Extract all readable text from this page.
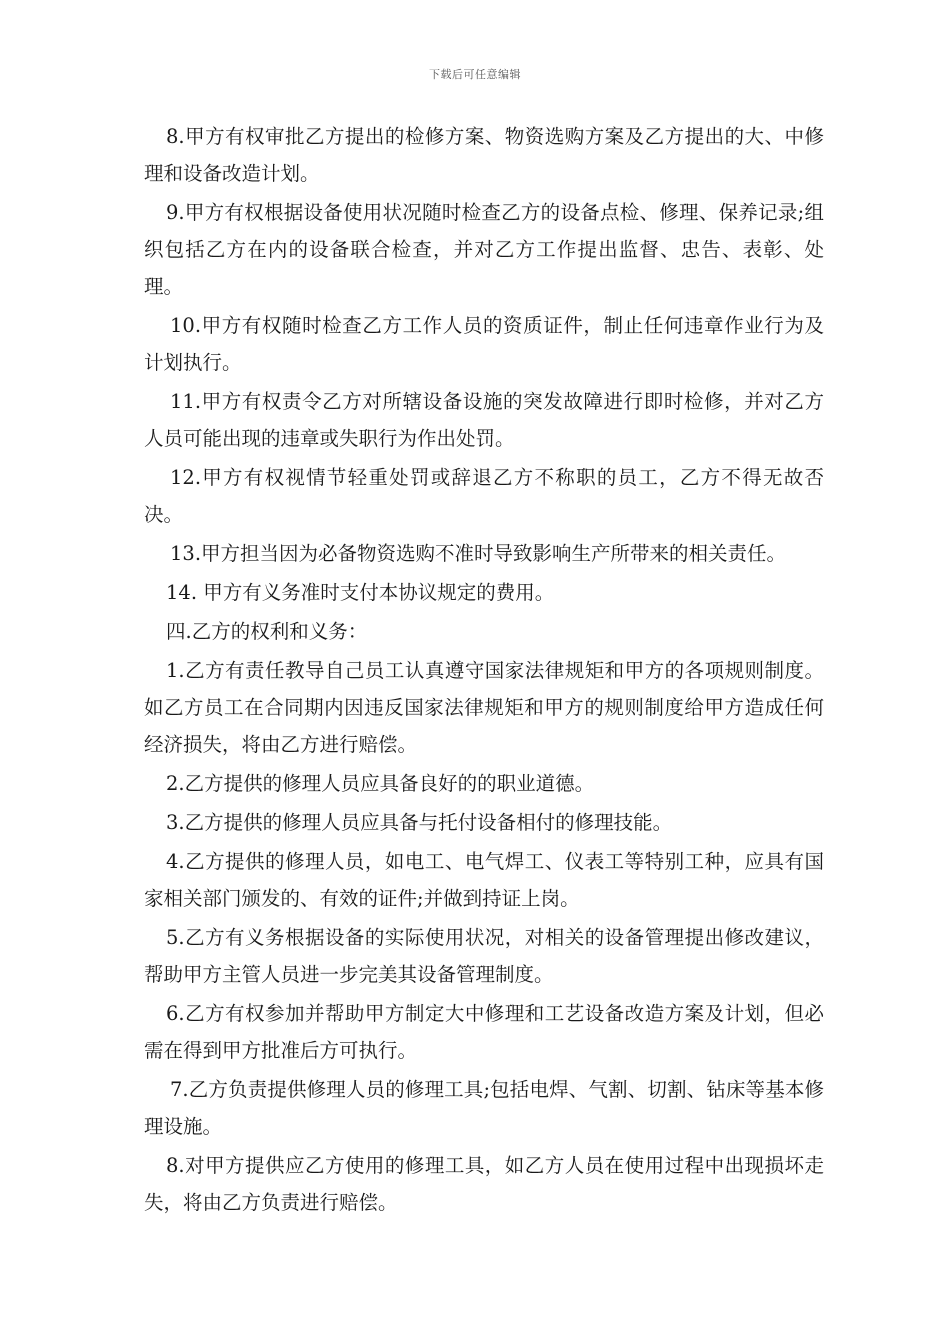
下载后可任意编辑

8.甲方有权审批乙方提出的检修方案、物资选购方案及乙方提出的大、中修理和设备改造计划。

9.甲方有权根据设备使用状况随时检查乙方的设备点检、修理、保养记录;组织包括乙方在内的设备联合检查，并对乙方工作提出监督、忠告、表彰、处理。

10.甲方有权随时检查乙方工作人员的资质证件，制止任何违章作业行为及计划执行。

11.甲方有权责令乙方对所辖设备设施的突发故障进行即时检修，并对乙方人员可能出现的违章或失职行为作出处罚。

12.甲方有权视情节轻重处罚或辞退乙方不称职的员工，乙方不得无故否决。

13.甲方担当因为必备物资选购不准时导致影响生产所带来的相关责任。

14. 甲方有义务准时支付本协议规定的费用。

四.乙方的权利和义务：

1.乙方有责任教导自己员工认真遵守国家法律规矩和甲方的各项规则制度。如乙方员工在合同期内因违反国家法律规矩和甲方的规则制度给甲方造成任何经济损失，将由乙方进行赔偿。

2.乙方提供的修理人员应具备良好的的职业道德。

3.乙方提供的修理人员应具备与托付设备相付的修理技能。

4.乙方提供的修理人员，如电工、电气焊工、仪表工等特别工种，应具有国家相关部门颁发的、有效的证件;并做到持证上岗。

5.乙方有义务根据设备的实际使用状况，对相关的设备管理提出修改建议，帮助甲方主管人员进一步完美其设备管理制度。

6.乙方有权参加并帮助甲方制定大中修理和工艺设备改造方案及计划，但必需在得到甲方批准后方可执行。

7.乙方负责提供修理人员的修理工具;包括电焊、气割、切割、钻床等基本修理设施。

8.对甲方提供应乙方使用的修理工具，如乙方人员在使用过程中出现损坏走失，将由乙方负责进行赔偿。
